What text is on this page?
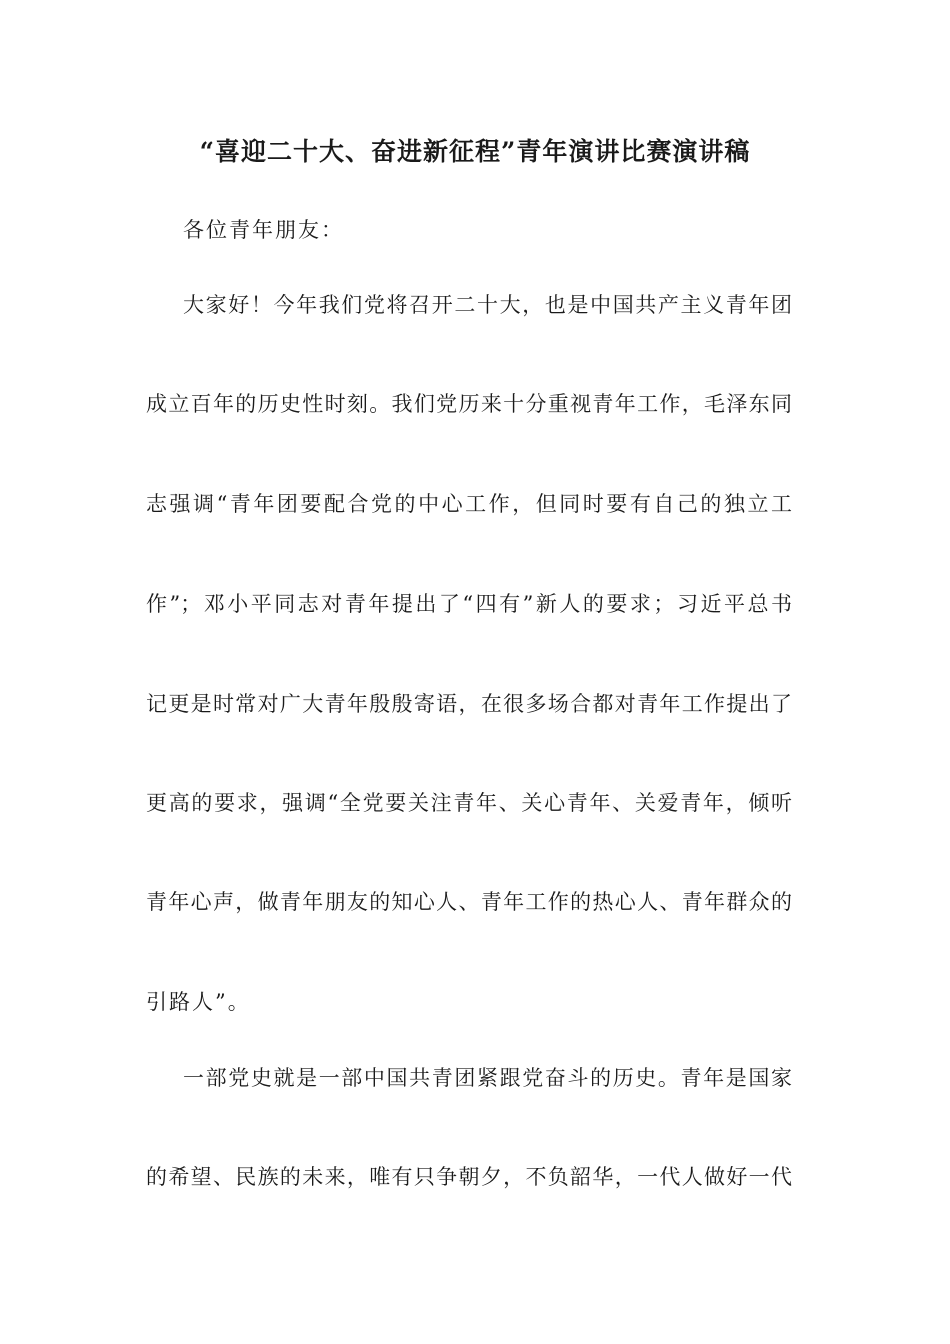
“喜迎二十大、奋进新征程”青年演讲比赛演讲稿
各位青年朋友：
大家好！今年我们党将召开二十大，也是中国共产主义青年团
成立百年的历史性时刻。我们党历来十分重视青年工作，毛泽东同
志强调“青年团要配合党的中心工作，但同时要有自己的独立工
作”；邓小平同志对青年提出了“四有”新人的要求；习近平总书
记更是时常对广大青年殷殷寄语，在很多场合都对青年工作提出了
更高的要求，强调“全党要关注青年、关心青年、关爱青年，倾听
青年心声，做青年朋友的知心人、青年工作的热心人、青年群众的
引路人”。
一部党史就是一部中国共青团紧跟党奋斗的历史。青年是国家
的希望、民族的未来，唯有只争朝夕，不负韶华，一代人做好一代
